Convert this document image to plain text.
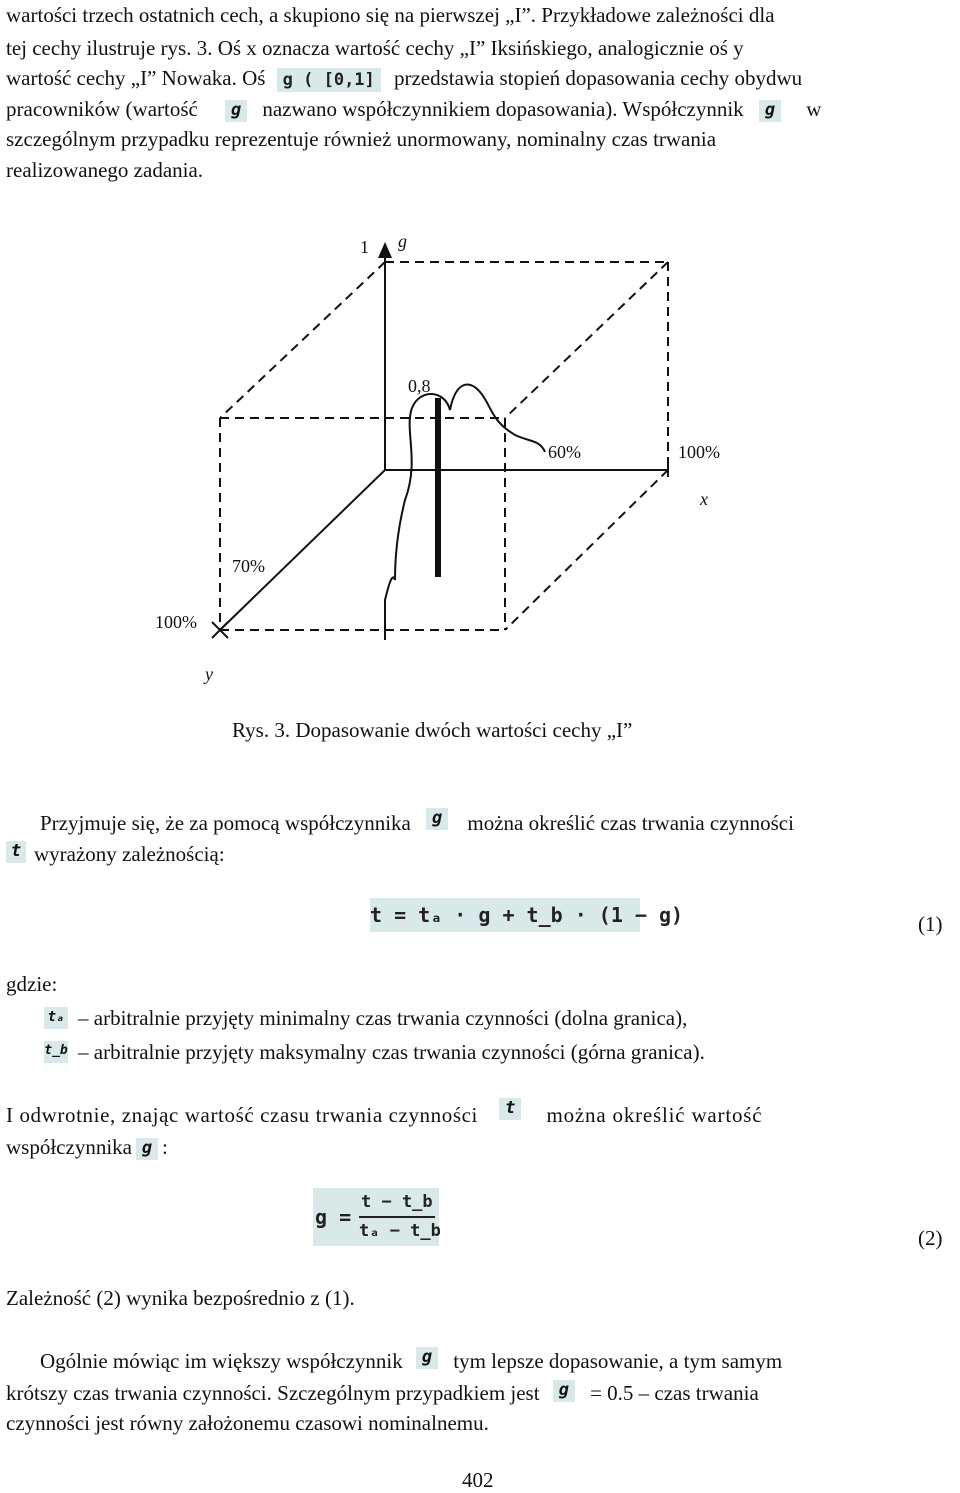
wartości trzech ostatnich cech, a skupiono się na pierwszej „I”. Przykładowe zależności dla
tej cechy ilustruje rys. 3. Oś x oznacza wartość cechy „I” Iksińskiego, analogicznie oś y
wartość cechy „I” Nowaka. Oś g ( [0,1] przedstawia stopień dopasowania cechy obydwu
pracowników (wartość g nazwano współczynnikiem dopasowania). Współczynnik g w
szczególnym przypadku reprezentuje również unormowany, nominalny czas trwania
realizowanego zadania.
1 g
0,8
60%	100%
x
70%
100%
y
Rys. 3. Dopasowanie dwóch wartości cechy „I”
Przyjmuje się, że za pomocą współczynnika g można określić czas trwania czynności
t wyrażony zależnością:
t = tₐ · g + t_b · (1 − g)	(1)
gdzie:
tₐ – arbitralnie przyjęty minimalny czas trwania czynności (dolna granica),
t_b – arbitralnie przyjęty maksymalny czas trwania czynności (górna granica).
I odwrotnie, znając wartość czasu trwania czynności t można określić wartość
współczynnika g :
g =
t − t_b
tₐ − t_b	(2)
Zależność (2) wynika bezpośrednio z (1).
Ogólnie mówiąc im większy współczynnik g tym lepsze dopasowanie, a tym samym
krótszy czas trwania czynności. Szczególnym przypadkiem jest g = 0.5 – czas trwania
czynności jest równy założonemu czasowi nominalnemu.
402
